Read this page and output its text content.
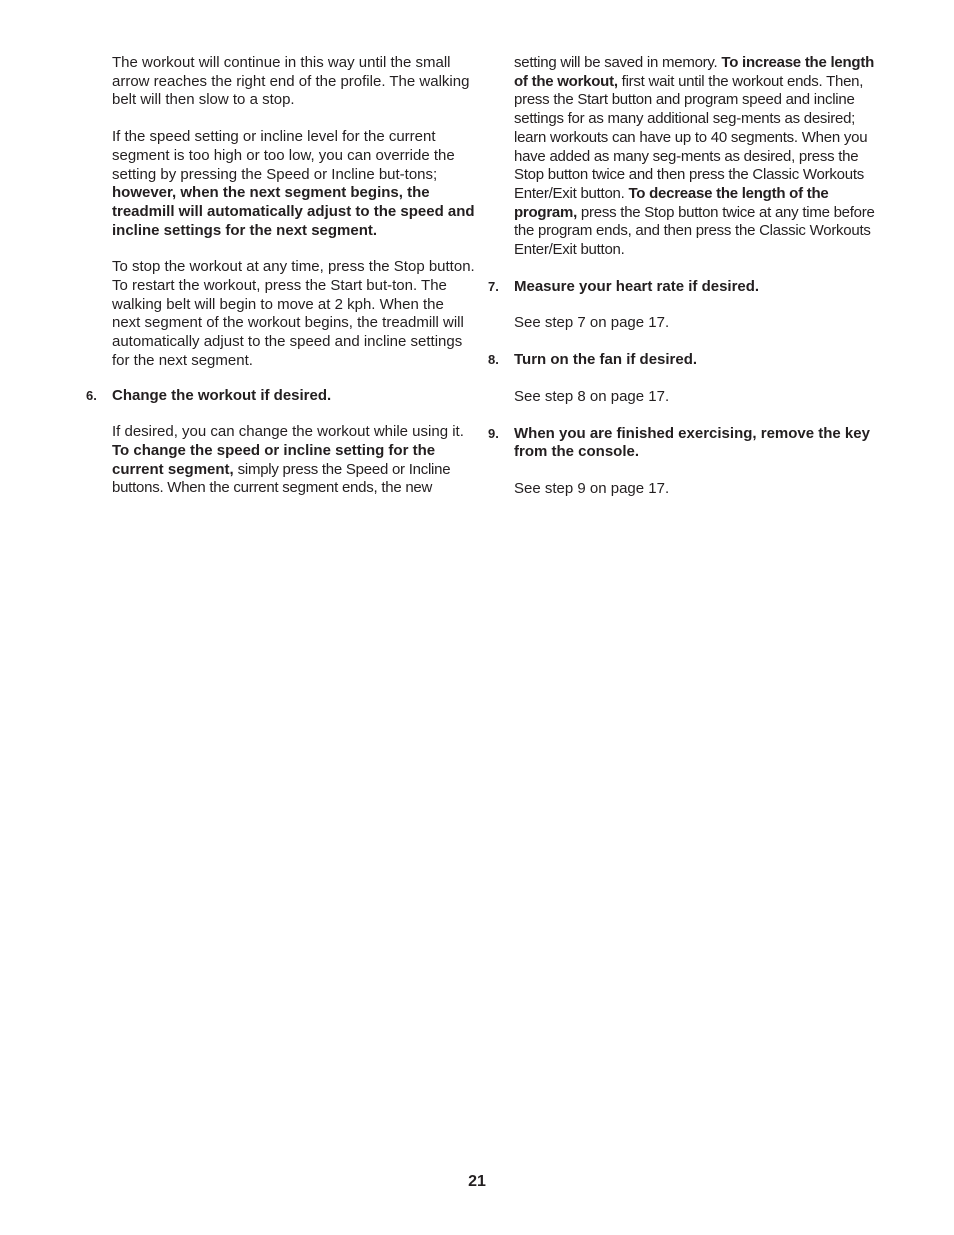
The workout will continue in this way until the small arrow reaches the right end of the profile. The walking belt will then slow to a stop.

If the speed setting or incline level for the current segment is too high or too low, you can override the setting by pressing the Speed or Incline but-tons; however, when the next segment begins, the treadmill will automatically adjust to the speed and incline settings for the next segment.

To stop the workout at any time, press the Stop button. To restart the workout, press the Start but-ton. The walking belt will begin to move at 2 kph. When the next segment of the workout begins, the treadmill will automatically adjust to the speed and incline settings for the next segment.

6. Change the workout if desired.

If desired, you can change the workout while using it. To change the speed or incline setting for the current segment, simply press the Speed or Incline buttons. When the current segment ends, the new

setting will be saved in memory. To increase the length of the workout, first wait until the workout ends. Then, press the Start button and program speed and incline settings for as many additional seg-ments as desired; learn workouts can have up to 40 segments. When you have added as many seg-ments as desired, press the Stop button twice and then press the Classic Workouts Enter/Exit button. To decrease the length of the program, press the Stop button twice at any time before the program ends, and then press the Classic Workouts Enter/Exit button.

7. Measure your heart rate if desired.

See step 7 on page 17.

8. Turn on the fan if desired.

See step 8 on page 17.

9. When you are finished exercising, remove the key from the console.

See step 9 on page 17.

21
